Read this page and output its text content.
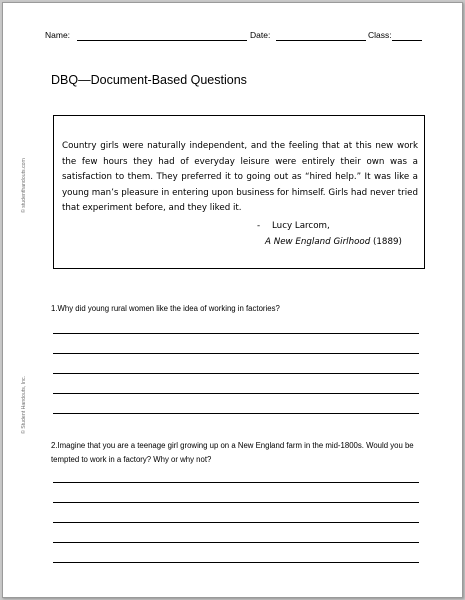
Name:	Date:	Class:
DBQ—Document-Based Questions
Country girls were naturally independent, and the feeling that at this new work the few hours they had of everyday leisure were entirely their own was a satisfaction to them. They preferred it to going out as “hired help.” It was like a young man’s pleasure in entering upon business for himself. Girls had never tried that experiment before, and they liked it.
- Lucy Larcom,
A New England Girlhood (1889)
1.Why did young rural women like the idea of working in factories?
2.Imagine that you are a teenage girl growing up on a New England farm in the mid-1800s. Would you be tempted to work in a factory? Why or why not?
© studenthandouts.com
© Student Handouts, Inc.
